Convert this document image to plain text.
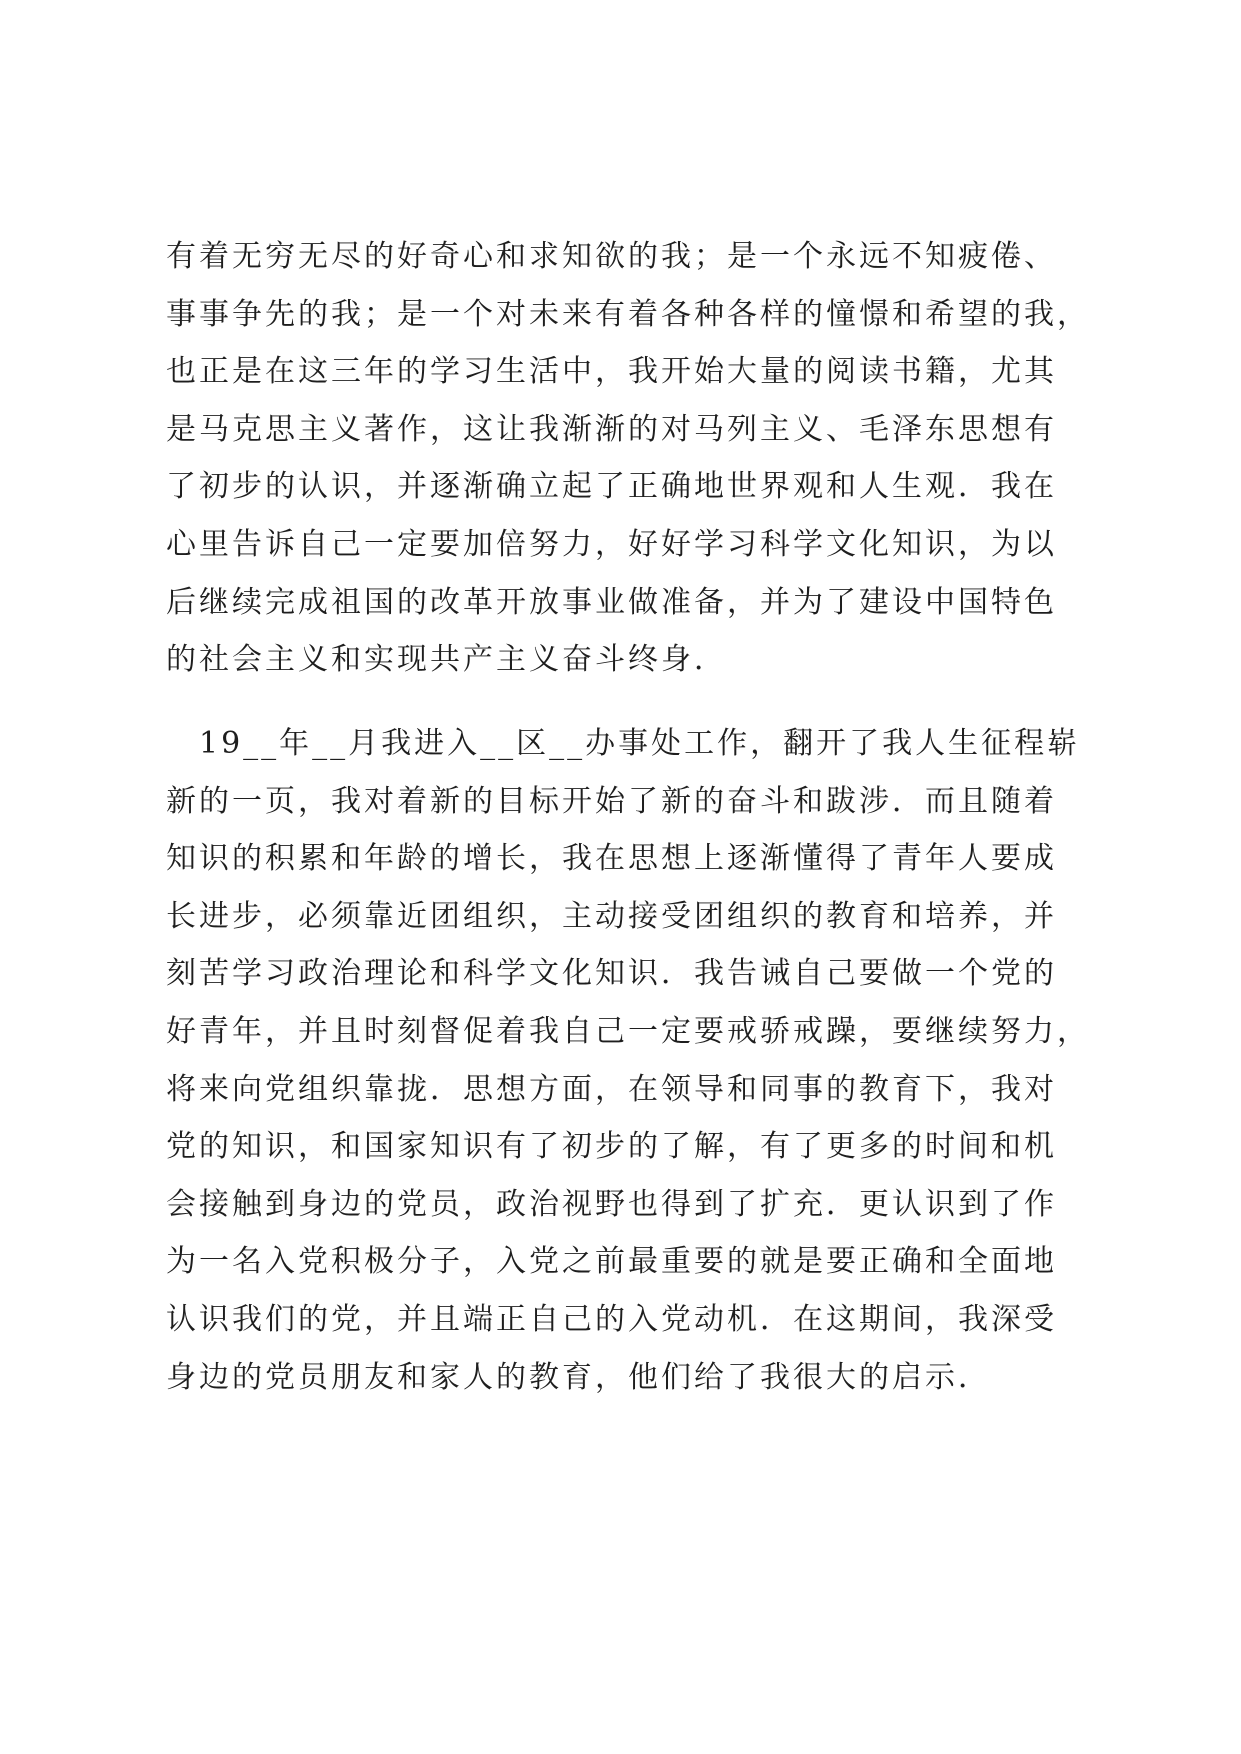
有着无穷无尽的好奇心和求知欲的我；是一个永远不知疲倦、
事事争先的我；是一个对未来有着各种各样的憧憬和希望的我，
也正是在这三年的学习生活中，我开始大量的阅读书籍，尤其
是马克思主义著作，这让我渐渐的对马列主义、毛泽东思想有
了初步的认识，并逐渐确立起了正确地世界观和人生观．我在
心里告诉自己一定要加倍努力，好好学习科学文化知识，为以
后继续完成祖国的改革开放事业做准备，并为了建设中国特色
的社会主义和实现共产主义奋斗终身．
　19__年__月我进入__区__办事处工作，翻开了我人生征程崭
新的一页，我对着新的目标开始了新的奋斗和跋涉．而且随着
知识的积累和年龄的增长，我在思想上逐渐懂得了青年人要成
长进步，必须靠近团组织，主动接受团组织的教育和培养，并
刻苦学习政治理论和科学文化知识．我告诫自己要做一个党的
好青年，并且时刻督促着我自己一定要戒骄戒躁，要继续努力，
将来向党组织靠拢．思想方面，在领导和同事的教育下，我对
党的知识，和国家知识有了初步的了解，有了更多的时间和机
会接触到身边的党员，政治视野也得到了扩充．更认识到了作
为一名入党积极分子，入党之前最重要的就是要正确和全面地
认识我们的党，并且端正自己的入党动机．在这期间，我深受
身边的党员朋友和家人的教育，他们给了我很大的启示．
